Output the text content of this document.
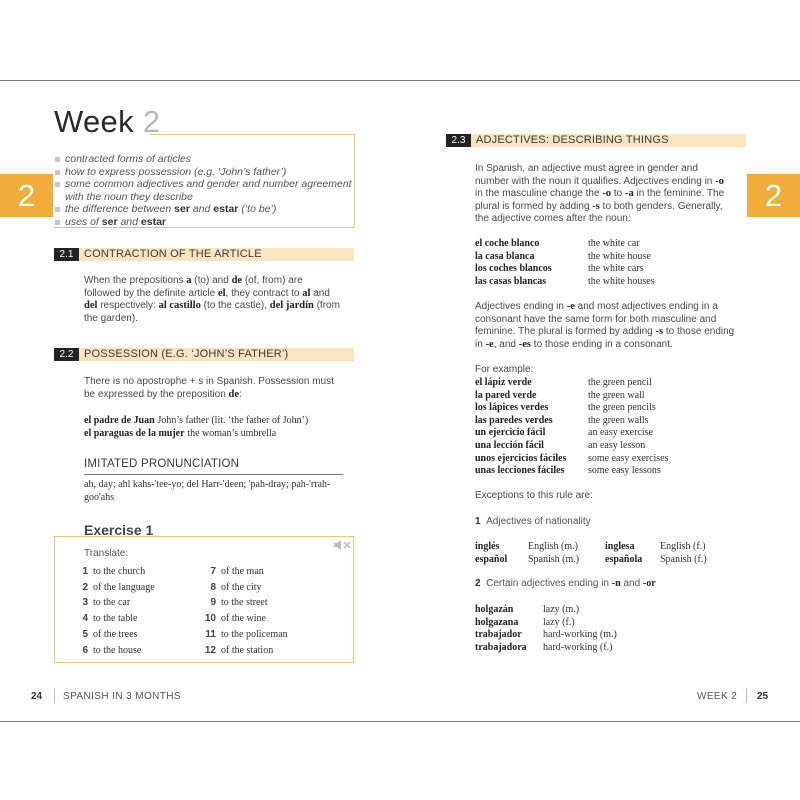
Week 2
contracted forms of articles
how to express possession (e.g. ‘John’s father’)
some common adjectives and gender and number agreement with the noun they describe
the difference between ser and estar (‘to be’)
uses of ser and estar
2
2.1 CONTRACTION OF THE ARTICLE
When the prepositions a (to) and de (of, from) are followed by the definite article el, they contract to al and del respectively: al castillo (to the castle), del jardín (from the garden).
2.2 POSSESSION (E.G. ‘JOHN’S FATHER’)
There is no apostrophe + s in Spanish. Possession must be expressed by the preposition de:
el padre de Juan John’s father (lit. ‘the father of John’)
el paraguas de la mujer the woman’s umbrella
IMITATED PRONUNCIATION
ah, day; ahl kahs-'tee-yo; del Harr-'deen; 'pah-dray; pah-'rrah-goo'ahs
Exercise 1
Translate:
1 to the church
2 of the language
3 to the car
4 to the table
5 of the trees
6 to the house
7 of the man
8 of the city
9 to the street
10 of the wine
11 to the policeman
12 of the station
24 SPANISH IN 3 MONTHS
2.3 ADJECTIVES: DESCRIBING THINGS
2
In Spanish, an adjective must agree in gender and number with the noun it qualifies. Adjectives ending in -o in the masculine change the -o to -a in the feminine. The plural is formed by adding -s to both genders. Generally, the adjective comes after the noun:
el coche blanco	the white car
la casa blanca	the white house
los coches blancos	the white cars
las casas blancas	the white houses
Adjectives ending in -e and most adjectives ending in a consonant have the same form for both masculine and feminine. The plural is formed by adding -s to those ending in -e, and -es to those ending in a consonant.
For example:
el lápiz verde	the green pencil
la pared verde	the green wall
los lápices verdes	the green pencils
las paredes verdes	the green walls
un ejercicio fácil	an easy exercise
una lección fácil	an easy lesson
unos ejercicios fáciles some easy exercises
unas lecciones fáciles some easy lessons
Exceptions to this rule are:
1 Adjectives of nationality
inglés	English (m.)	inglesa	English (f.)
español Spanish (m.)	española Spanish (f.)
2 Certain adjectives ending in -n and -or
holgazán	lazy (m.)
holgazana lazy (f.)
trabajador hard-working (m.)
trabajadora hard-working (f.)
WEEK 2 25
